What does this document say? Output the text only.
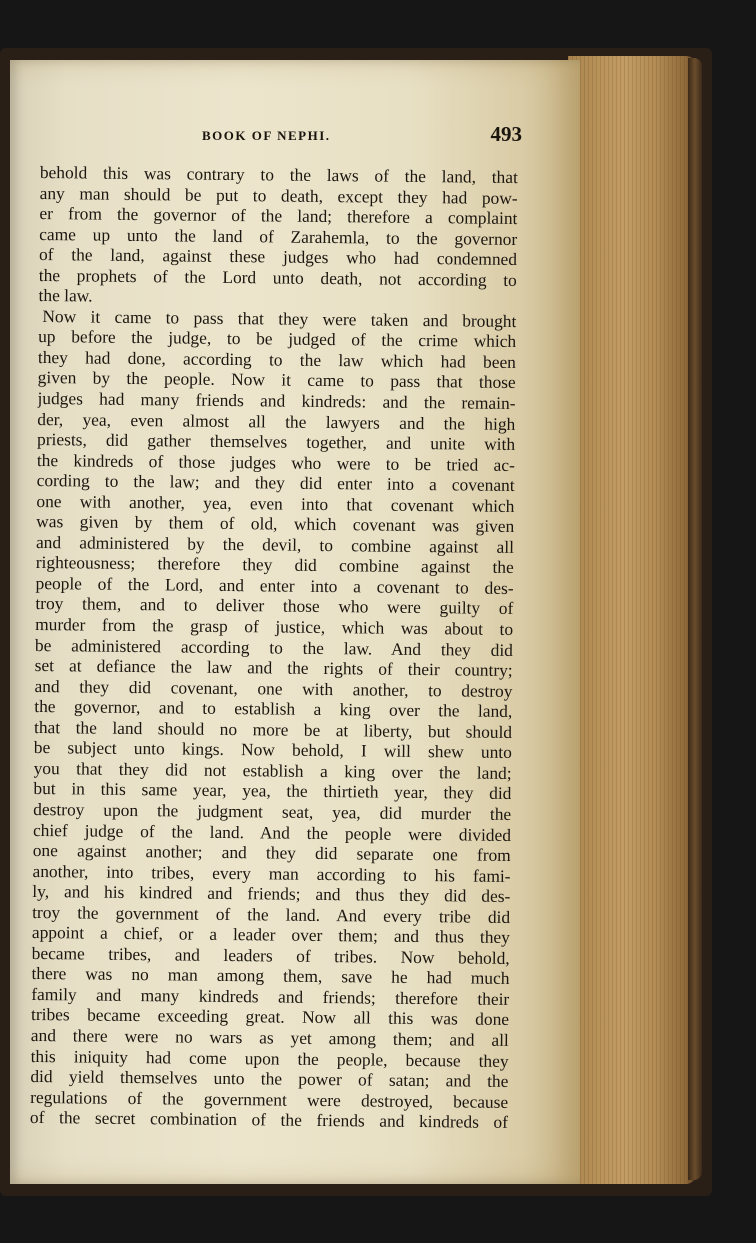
BOOK OF NEPHI.	493
behold this was contrary to the laws of the land, that
any man should be put to death, except they had pow-
er from the governor of the land; therefore a complaint
came up unto the land of Zarahemla, to the governor
of the land, against these judges who had condemned
the prophets of the Lord unto death, not according to
the law.
Now it came to pass that they were taken and brought
up before the judge, to be judged of the crime which
they had done, according to the law which had been
given by the people. Now it came to pass that those
judges had many friends and kindreds: and the remain-
der, yea, even almost all the lawyers and the high
priests, did gather themselves together, and unite with
the kindreds of those judges who were to be tried ac-
cording to the law; and they did enter into a covenant
one with another, yea, even into that covenant which
was given by them of old, which covenant was given
and administered by the devil, to combine against all
righteousness; therefore they did combine against the
people of the Lord, and enter into a covenant to des-
troy them, and to deliver those who were guilty of
murder from the grasp of justice, which was about to
be administered according to the law. And they did
set at defiance the law and the rights of their country;
and they did covenant, one with another, to destroy
the governor, and to establish a king over the land,
that the land should no more be at liberty, but should
be subject unto kings. Now behold, I will shew unto
you that they did not establish a king over the land;
but in this same year, yea, the thirtieth year, they did
destroy upon the judgment seat, yea, did murder the
chief judge of the land. And the people were divided
one against another; and they did separate one from
another, into tribes, every man according to his fami-
ly, and his kindred and friends; and thus they did des-
troy the government of the land. And every tribe did
appoint a chief, or a leader over them; and thus they
became tribes, and leaders of tribes. Now behold,
there was no man among them, save he had much
family and many kindreds and friends; therefore their
tribes became exceeding great. Now all this was done
and there were no wars as yet among them; and all
this iniquity had come upon the people, because they
did yield themselves unto the power of satan; and the
regulations of the government were destroyed, because
of the secret combination of the friends and kindreds of
